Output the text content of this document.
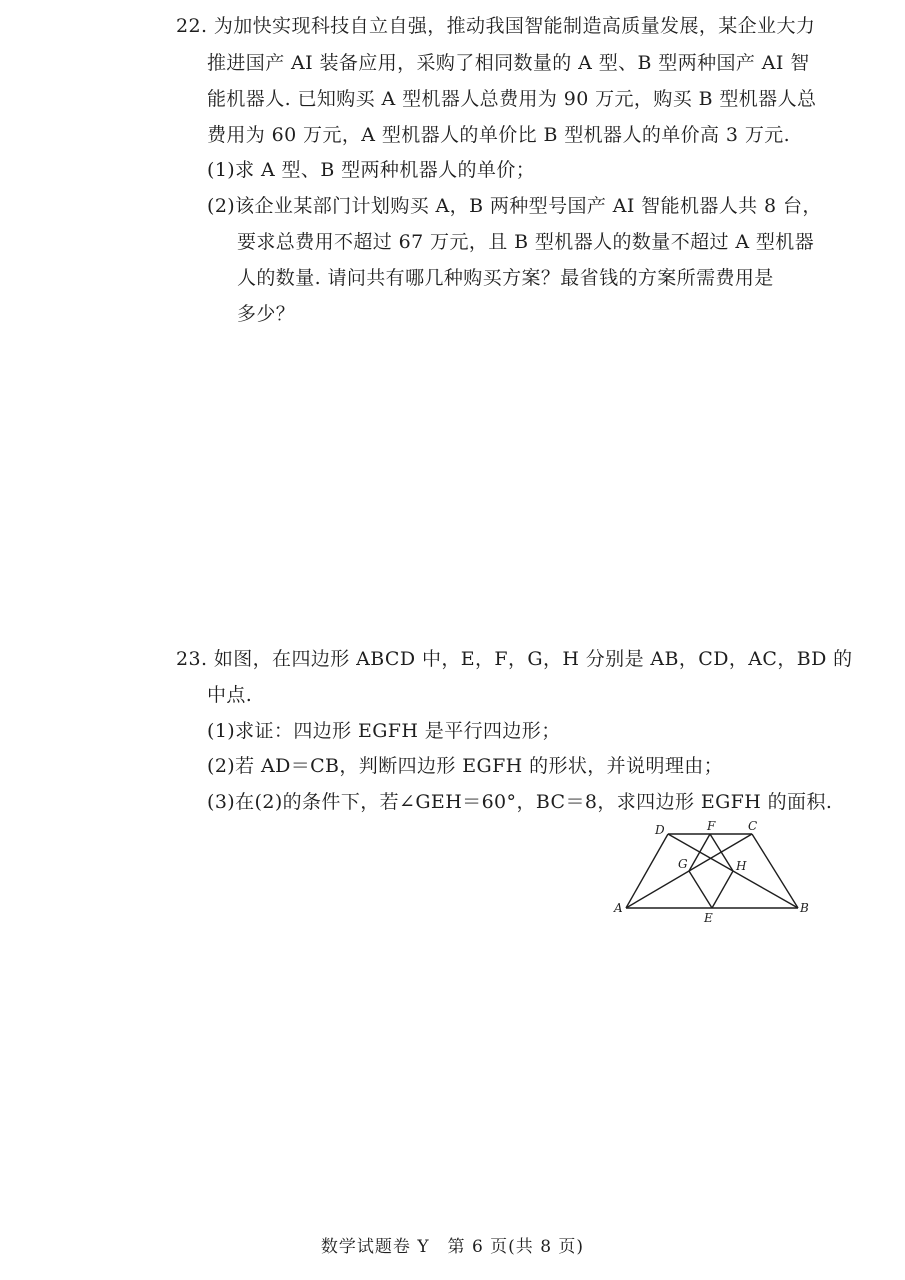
22. 为加快实现科技自立自强，推动我国智能制造高质量发展，某企业大力
推进国产 AI 装备应用，采购了相同数量的 A 型、B 型两种国产 AI 智
能机器人. 已知购买 A 型机器人总费用为 90 万元，购买 B 型机器人总
费用为 60 万元，A 型机器人的单价比 B 型机器人的单价高 3 万元.
(1)求 A 型、B 型两种机器人的单价；
(2)该企业某部门计划购买 A，B 两种型号国产 AI 智能机器人共 8 台，
要求总费用不超过 67 万元，且 B 型机器人的数量不超过 A 型机器
人的数量. 请问共有哪几种购买方案？最省钱的方案所需费用是
多少？
23. 如图，在四边形 ABCD 中，E，F，G，H 分别是 AB，CD，AC，BD 的
中点.
(1)求证：四边形 EGFH 是平行四边形；
(2)若 AD＝CB，判断四边形 EGFH 的形状，并说明理由；
(3)在(2)的条件下，若∠GEH＝60°，BC＝8，求四边形 EGFH 的面积.
D	F	C
G	H
A
E
B
数学试题卷 Y　第 6 页(共 8 页)
